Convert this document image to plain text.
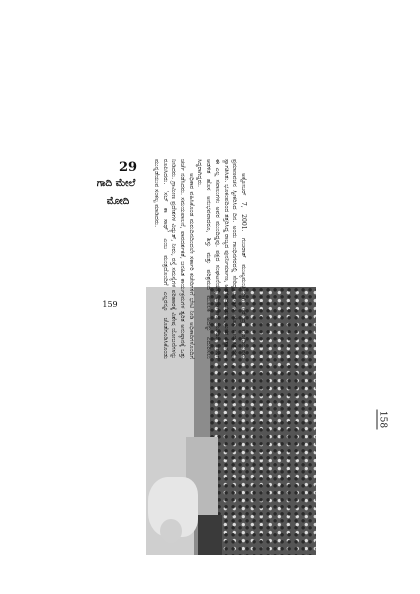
158
29
ಗಾದಿ ಮೇಲೆ
ಮೋದಿ	ಅಕ್ಟೋಬರ್ 7, 2001. ಗುಜರಾತ್ ಮುಖ್ಯಮಂತ್ರಿಯಾಗಿ ನರೇಂದ್ರ ಮೋದಿಯವರು ಪ್ರಮಾಣವಚನ ಸ್ವೀಕರಿಸಿದ ದಿನ. ಅಂದು ಗಾಂಧಿನಗರದಲ್ಲಿ ಸೇರಿದ್ದ ಜನಸಾಗರ ಹೊಸ ನಾಯಕತ್ವವನ್ನು ಸ್ವಾಗತಿಸಿತು. ಭೂಕಂಪದಿಂದ ತತ್ತರಿಸಿದ್ದ ರಾಜ್ಯದ ಪುನರ್ನಿರ್ಮಾಣ, ಆಡಳಿತದ ಚುರುಕು, ಜನರ ವಿಶ್ವಾಸ — ಈ ಎಲ್ಲ ಸವಾಲುಗಳು ಅವರ ಮುಂದಿದ್ದವು. ಪಕ್ಷದ ಸಂಘಟನೆಯಲ್ಲಿ ದೀರ್ಘಕಾಲ ದುಡಿದಿದ್ದ ಅವರಿಗೆ ಆಡಳಿತ ಹೊಸ ಅನುಭವವಾದರೂ, ಶಿಸ್ತು ಮತ್ತು ಪರಿಶ್ರಮದ ಮೂಲಕ ಅದನ್ನು ಎದುರಿಸಲು ಸಿದ್ಧರಾಗಿದ್ದರು.

ಅಧಿಕಾರ ವಹಿಸಿಕೊಂಡ ಮರುದಿನದಿಂದಲೇ ಸರ್ಕಾರಿ ಕಚೇರಿಗಳಿಗೆ ಭೇಟಿ ನೀಡಿ ಅಧಿಕಾರಿಗಳೊಂದಿಗೆ ಚರ್ಚೆ ನಡೆಸಿದರು. ಸಮಯಪಾಲನೆ, ಪಾರದರ್ಶಕತೆ, ಜನಹಿತ ಕಾರ್ಯಕ್ರಮಗಳ ತ್ವರಿತ ಅನುಷ್ಠಾನಕ್ಕೆ ಒತ್ತು ನೀಡಿದರು. ಗ್ರಾಮೀಣ ಪ್ರದೇಶಗಳ ವಿದ್ಯುತ್, ನೀರು, ರಸ್ತೆ ಸಮಸ್ಯೆಗಳ ಪರಿಹಾರಕ್ಕೆ ವಿಶೇಷ ಯೋಜನೆಗಳನ್ನು ರೂಪಿಸಿದರು. ‘ಸಬ್‌ ಕಾ ಸಾಥ್’ ಎಂಬ ಮಂತ್ರದೊಂದಿಗೆ ಎಲ್ಲರನ್ನೂ ಜೊತೆಗೂಡಿಸಿಕೊಂಡು ಮುನ್ನಡೆಯುವ ಸಂಕಲ್ಪ ಮಾಡಿದರು.

159
